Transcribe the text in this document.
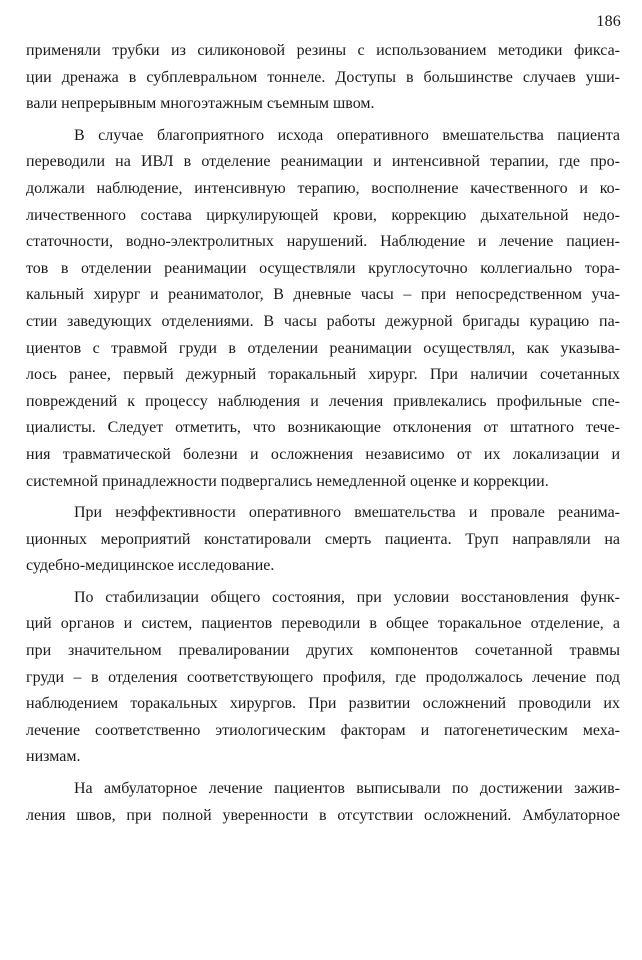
186

применяли трубки из силиконовой резины с использованием методики фикса-
ции дренажа в субплевральном тоннеле. Доступы в большинстве случаев уши-
вали непрерывным многоэтажным съемным швом.

В случае благоприятного исхода оперативного вмешательства пациента
переводили на ИВЛ в отделение реанимации и интенсивной терапии, где про-
должали наблюдение, интенсивную терапию, восполнение качественного и ко-
личественного состава циркулирующей крови, коррекцию дыхательной недо-
статочности, водно-электролитных нарушений. Наблюдение и лечение пациен-
тов в отделении реанимации осуществляли круглосуточно коллегиально тора-
кальный хирург и реаниматолог, В дневные часы – при непосредственном уча-
стии заведующих отделениями. В часы работы дежурной бригады курацию па-
циентов с травмой груди в отделении реанимации осуществлял, как указыва-
лось ранее, первый дежурный торакальный хирург. При наличии сочетанных
повреждений к процессу наблюдения и лечения привлекались профильные спе-
циалисты. Следует отметить, что возникающие отклонения от штатного тече-
ния травматической болезни и осложнения независимо от их локализации и
системной принадлежности подвергались немедленной оценке и коррекции.

При неэффективности оперативного вмешательства и провале реанима-
ционных мероприятий констатировали смерть пациента. Труп направляли на
судебно-медицинское исследование.

По стабилизации общего состояния, при условии восстановления функ-
ций органов и систем, пациентов переводили в общее торакальное отделение, а
при значительном превалировании других компонентов сочетанной травмы
груди – в отделения соответствующего профиля, где продолжалось лечение под
наблюдением торакальных хирургов. При развитии осложнений проводили их
лечение соответственно этиологическим факторам и патогенетическим меха-
низмам.

На амбулаторное лечение пациентов выписывали по достижении зажив-
ления швов, при полной уверенности в отсутствии осложнений. Амбулаторное
